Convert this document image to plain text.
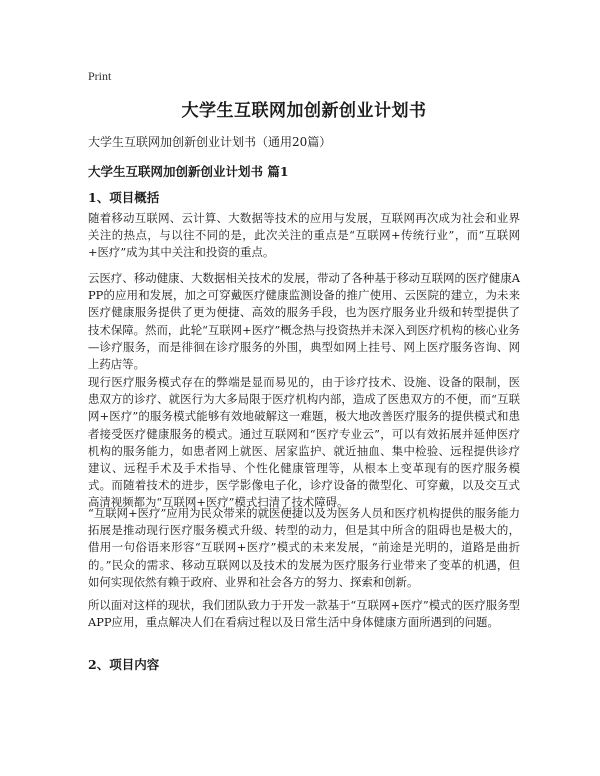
Print
大学生互联网加创新创业计划书
大学生互联网加创新创业计划书（通用20篇）
大学生互联网加创新创业计划书 篇1
1、项目概括
随着移动互联网、云计算、大数据等技术的应用与发展，互联网再次成为社会和业界关注的热点，与以往不同的是，此次关注的重点是“互联网+传统行业”，而“互联网+医疗”成为其中关注和投资的重点。
云医疗、移动健康、大数据相关技术的发展，带动了各种基于移动互联网的医疗健康APP的应用和发展，加之可穿戴医疗健康监测设备的推广使用、云医院的建立，为未来医疗健康服务提供了更为便捷、高效的服务手段，也为医疗服务业升级和转型提供了技术保障。然而，此轮“互联网+医疗”概念热与投资热并未深入到医疗机构的核心业务—诊疗服务，而是徘徊在诊疗服务的外围，典型如网上挂号、网上医疗服务咨询、网上药店等。
现行医疗服务模式存在的弊端是显而易见的，由于诊疗技术、设施、设备的限制，医患双方的诊疗、就医行为大多局限于医疗机构内部，造成了医患双方的不便，而“互联网+医疗”的服务模式能够有效地破解这一难题，极大地改善医疗服务的提供模式和患者接受医疗健康服务的模式。通过互联网和“医疗专业云”，可以有效拓展并延伸医疗机构的服务能力，如患者网上就医、居家监护、就近抽血、集中检验、远程提供诊疗建议、远程手术及手术指导、个性化健康管理等，从根本上变革现有的医疗服务模式。而随着技术的进步，医学影像电子化，诊疗设备的微型化、可穿戴，以及交互式高清视频都为“互联网+医疗”模式扫清了技术障碍。
“互联网+医疗”应用为民众带来的就医便捷以及为医务人员和医疗机构提供的服务能力拓展是推动现行医疗服务模式升级、转型的动力，但是其中所含的阻碍也是极大的，借用一句俗语来形容“互联网+医疗”模式的未来发展，“前途是光明的，道路是曲折的。”民众的需求、移动互联网以及技术的发展为医疗服务行业带来了变革的机遇，但如何实现依然有赖于政府、业界和社会各方的努力、探索和创新。
所以面对这样的现状，我们团队致力于开发一款基于“互联网+医疗”模式的医疗服务型APP应用，重点解决人们在看病过程以及日常生活中身体健康方面所遇到的问题。
2、项目内容
